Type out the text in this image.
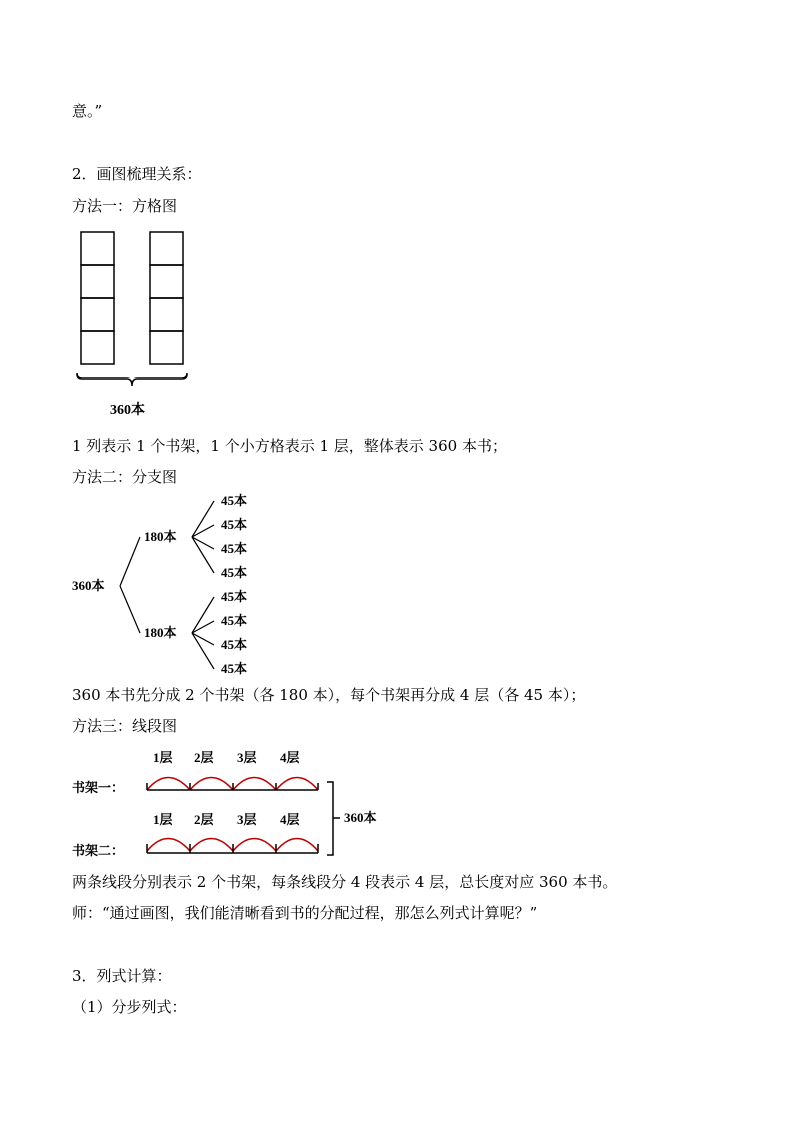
意。”
2．画图梳理关系：
方法一：方格图
360本
1 列表示 1 个书架，1 个小方格表示 1 层，整体表示 360 本书；
方法二：分支图
360本
180本
180本
45本
45本
45本
45本
45本
45本
45本
45本
360 本书先分成 2 个书架（各 180 本），每个书架再分成 4 层（各 45 本）；
方法三：线段图
1层 2层 3层 4层
书架一：
1层 2层 3层 4层
书架二：
360本
两条线段分别表示 2 个书架，每条线段分 4 段表示 4 层，总长度对应 360 本书。
师：“通过画图，我们能清晰看到书的分配过程，那怎么列式计算呢？”
3．列式计算：
（1）分步列式：
